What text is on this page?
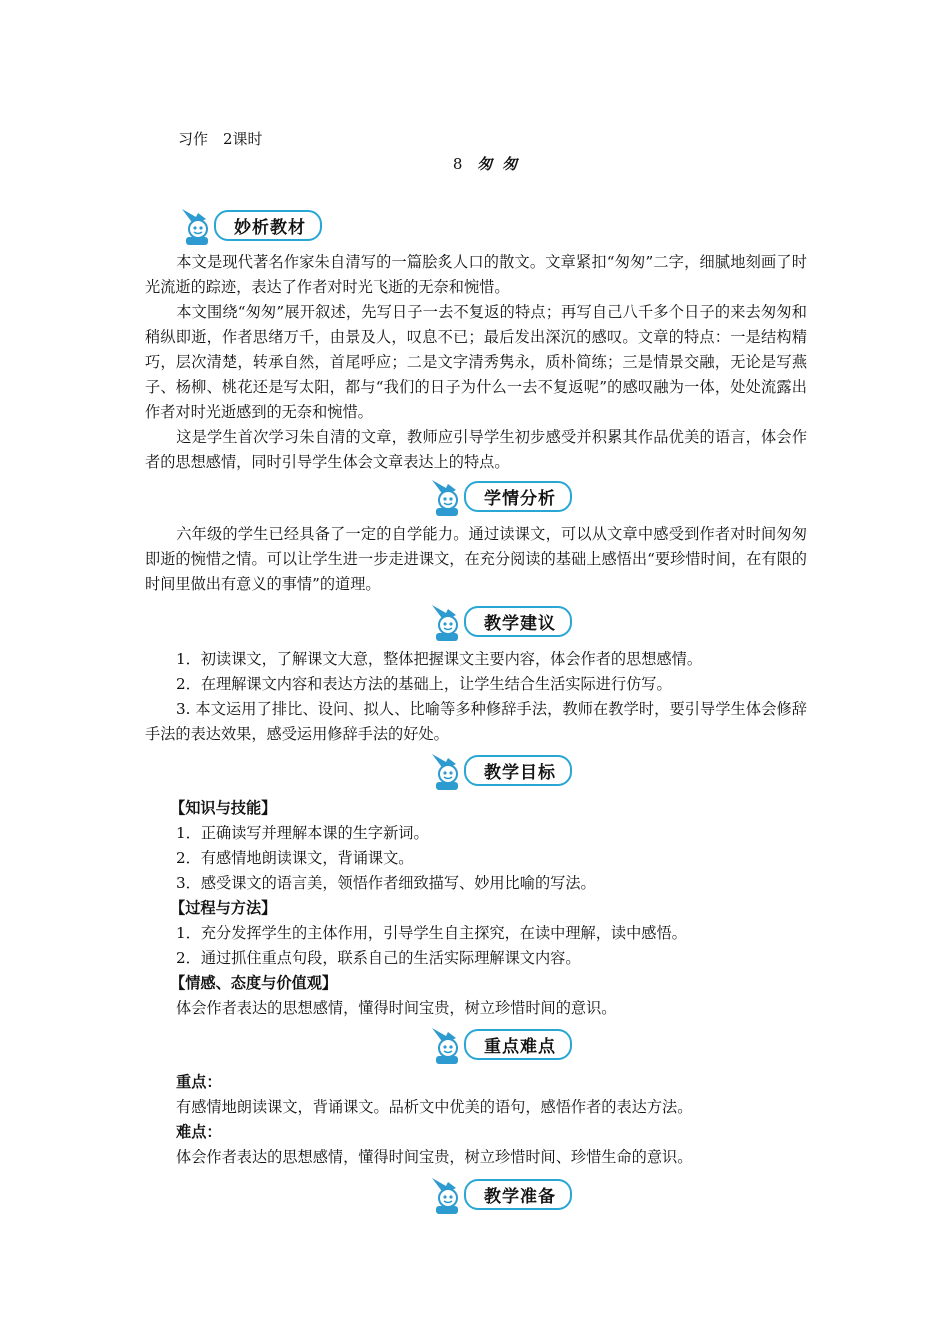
习作　2课时
8 匆匆
妙析教材
本文是现代著名作家朱自清写的一篇脍炙人口的散文。文章紧扣“匆匆”二字，细腻地刻画了时光流逝的踪迹，表达了作者对时光飞逝的无奈和惋惜。
本文围绕“匆匆”展开叙述，先写日子一去不复返的特点；再写自己八千多个日子的来去匆匆和稍纵即逝，作者思绪万千，由景及人，叹息不已；最后发出深沉的感叹。文章的特点：一是结构精巧，层次清楚，转承自然，首尾呼应；二是文字清秀隽永，质朴简练；三是情景交融，无论是写燕子、杨柳、桃花还是写太阳，都与“我们的日子为什么一去不复返呢”的感叹融为一体，处处流露出作者对时光逝感到的无奈和惋惜。
这是学生首次学习朱自清的文章，教师应引导学生初步感受并积累其作品优美的语言，体会作者的思想感情，同时引导学生体会文章表达上的特点。
学情分析
六年级的学生已经具备了一定的自学能力。通过读课文，可以从文章中感受到作者对时间匆匆即逝的惋惜之情。可以让学生进一步走进课文，在充分阅读的基础上感悟出“要珍惜时间，在有限的时间里做出有意义的事情”的道理。
教学建议
1．初读课文，了解课文大意，整体把握课文主要内容，体会作者的思想感情。
2．在理解课文内容和表达方法的基础上，让学生结合生活实际进行仿写。
3. 本文运用了排比、设问、拟人、比喻等多种修辞手法，教师在教学时，要引导学生体会修辞手法的表达效果，感受运用修辞手法的好处。
教学目标
【知识与技能】
1．正确读写并理解本课的生字新词。
2．有感情地朗读课文，背诵课文。
3．感受课文的语言美，领悟作者细致描写、妙用比喻的写法。
【过程与方法】
1．充分发挥学生的主体作用，引导学生自主探究，在读中理解，读中感悟。
2．通过抓住重点句段，联系自己的生活实际理解课文内容。
【情感、态度与价值观】
体会作者表达的思想感情，懂得时间宝贵，树立珍惜时间的意识。
重点难点
重点：
有感情地朗读课文，背诵课文。品析文中优美的语句，感悟作者的表达方法。
难点：
体会作者表达的思想感情，懂得时间宝贵，树立珍惜时间、珍惜生命的意识。
教学准备
